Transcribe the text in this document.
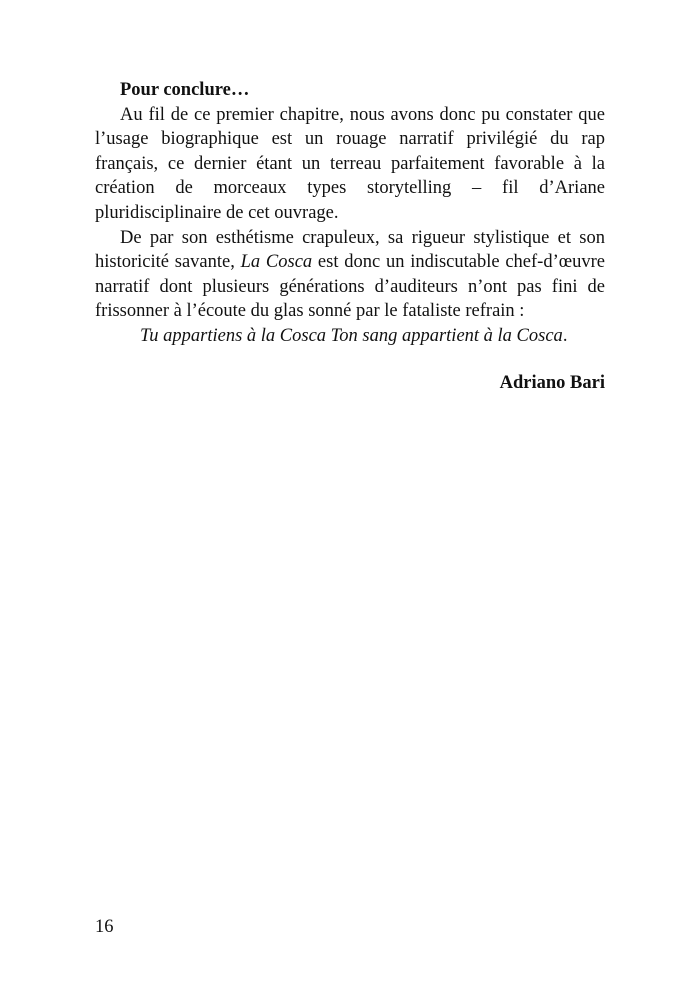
Pour conclure…

Au fil de ce premier chapitre, nous avons donc pu constater que l’usage biographique est un rouage narratif privilégié du rap français, ce dernier étant un terreau parfaitement favorable à la création de morceaux types storytelling – fil d’Ariane pluridisciplinaire de cet ouvrage.

De par son esthétisme crapuleux, sa rigueur stylistique et son historicité savante, La Cosca est donc un indiscutable chef-d’œuvre narratif dont plusieurs générations d’auditeurs n’ont pas fini de frissonner à l’écoute du glas sonné par le fataliste refrain :

Tu appartiens à la Cosca Ton sang appartient à la Cosca.

Adriano Bari

16
